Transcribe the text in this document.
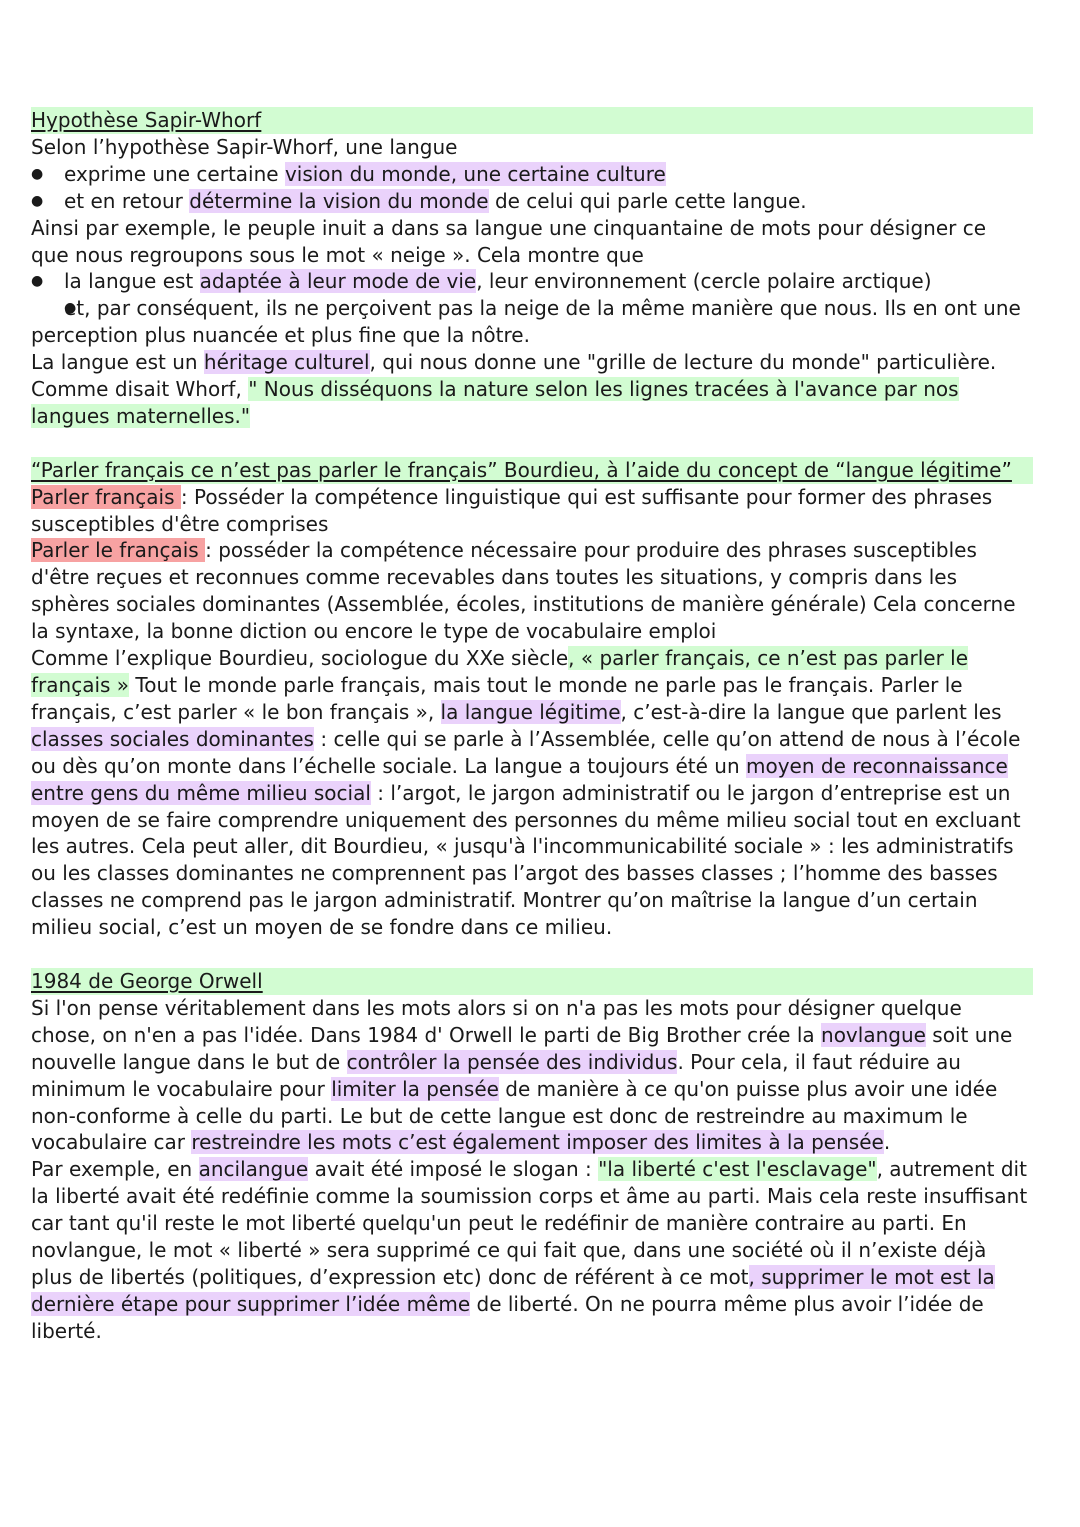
Hypothèse Sapir-Whorf

Selon l’hypothèse Sapir-Whorf, une langue

● exprime une certaine vision du monde, une certaine culture
● et en retour détermine la vision du monde de celui qui parle cette langue.

Ainsi par exemple, le peuple inuit a dans sa langue une cinquantaine de mots pour désigner ce que nous regroupons sous le mot « neige ». Cela montre que

● la langue est adaptée à leur mode de vie, leur environnement (cercle polaire arctique)
● et, par conséquent, ils ne perçoivent pas la neige de la même manière que nous. Ils en ont une perception plus nuancée et plus fine que la nôtre.

La langue est un héritage culturel, qui nous donne une "grille de lecture du monde" particulière.

Comme disait Whorf, " Nous disséquons la nature selon les lignes tracées à l'avance par nos langues maternelles."

“Parler français ce n’est pas parler le français” Bourdieu, à l’aide du concept de “langue légitime”

Parler français : Posséder la compétence linguistique qui est suffisante pour former des phrases susceptibles d'être comprises

Parler le français : posséder la compétence nécessaire pour produire des phrases susceptibles d'être reçues et reconnues comme recevables dans toutes les situations, y compris dans les sphères sociales dominantes (Assemblée, écoles, institutions de manière générale) Cela concerne la syntaxe, la bonne diction ou encore le type de vocabulaire emploi

Comme l’explique Bourdieu, sociologue du XXe siècle, « parler français, ce n’est pas parler le français » Tout le monde parle français, mais tout le monde ne parle pas le français. Parler le français, c’est parler « le bon français », la langue légitime, c’est-à-dire la langue que parlent les classes sociales dominantes : celle qui se parle à l’Assemblée, celle qu’on attend de nous à l’école ou dès qu’on monte dans l’échelle sociale. La langue a toujours été un moyen de reconnaissance entre gens du même milieu social : l’argot, le jargon administratif ou le jargon d’entreprise est un moyen de se faire comprendre uniquement des personnes du même milieu social tout en excluant les autres. Cela peut aller, dit Bourdieu, « jusqu'à l'incommunicabilité sociale » : les administratifs ou les classes dominantes ne comprennent pas l’argot des basses classes ; l’homme des basses classes ne comprend pas le jargon administratif. Montrer qu’on maîtrise la langue d’un certain milieu social, c’est un moyen de se fondre dans ce milieu.

1984 de George Orwell

Si l'on pense véritablement dans les mots alors si on n'a pas les mots pour désigner quelque chose, on n'en a pas l'idée. Dans 1984 d' Orwell le parti de Big Brother crée la novlangue soit une nouvelle langue dans le but de contrôler la pensée des individus. Pour cela, il faut réduire au minimum le vocabulaire pour limiter la pensée de manière à ce qu'on puisse plus avoir une idée non-conforme à celle du parti. Le but de cette langue est donc de restreindre au maximum le vocabulaire car restreindre les mots c’est également imposer des limites à la pensée.

Par exemple, en ancilangue avait été imposé le slogan : "la liberté c'est l'esclavage", autrement dit la liberté avait été redéfinie comme la soumission corps et âme au parti. Mais cela reste insuffisant car tant qu'il reste le mot liberté quelqu'un peut le redéfinir de manière contraire au parti. En novlangue, le mot « liberté » sera supprimé ce qui fait que, dans une société où il n’existe déjà plus de libertés (politiques, d’expression etc) donc de référent à ce mot, supprimer le mot est la dernière étape pour supprimer l’idée même de liberté. On ne pourra même plus avoir l’idée de liberté.
